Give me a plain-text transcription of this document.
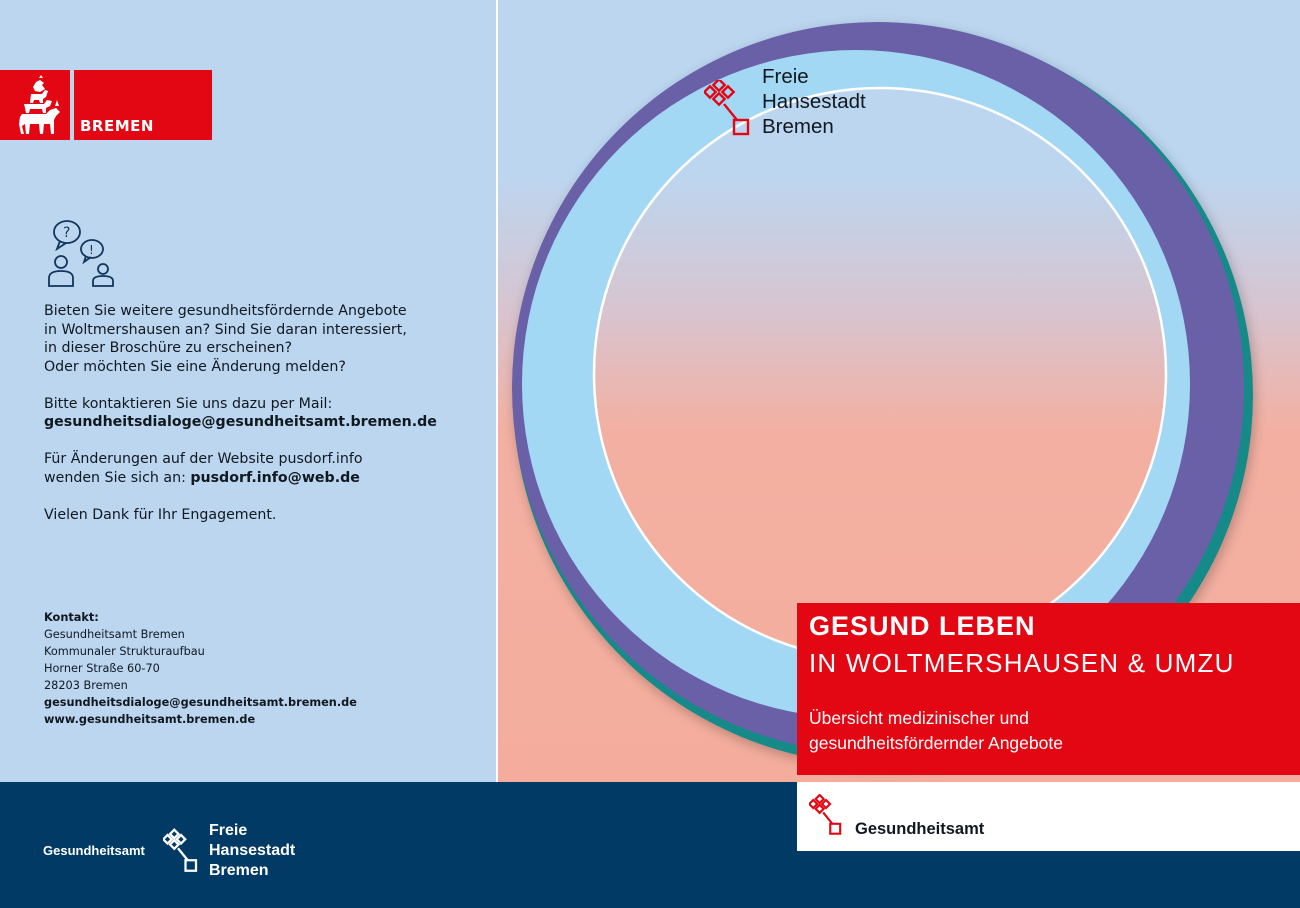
BREMEN
?
!

Bieten Sie weitere gesundheitsfördernde Angebote
in Woltmershausen an? Sind Sie daran interessiert,
in dieser Broschüre zu erscheinen?
Oder möchten Sie eine Änderung melden?

Bitte kontaktieren Sie uns dazu per Mail:
gesundheitsdialoge@gesundheitsamt.bremen.de

Für Änderungen auf der Website pusdorf.info
wenden Sie sich an: pusdorf.info@web.de

Vielen Dank für Ihr Engagement.

Kontakt:
Gesundheitsamt Bremen
Kommunaler Strukturaufbau
Horner Straße 60-70
28203 Bremen
gesundheitsdialoge@gesundheitsamt.bremen.de
www.gesundheitsamt.bremen.de
Freie
Hansestadt
Bremen
GESUND LEBEN
IN WOLTMERSHAUSEN & UMZU
Übersicht medizinischer und
gesundheitsfördernder Angebote
Gesundheitsamt
Gesundheitsamt
Freie
Hansestadt
Bremen
